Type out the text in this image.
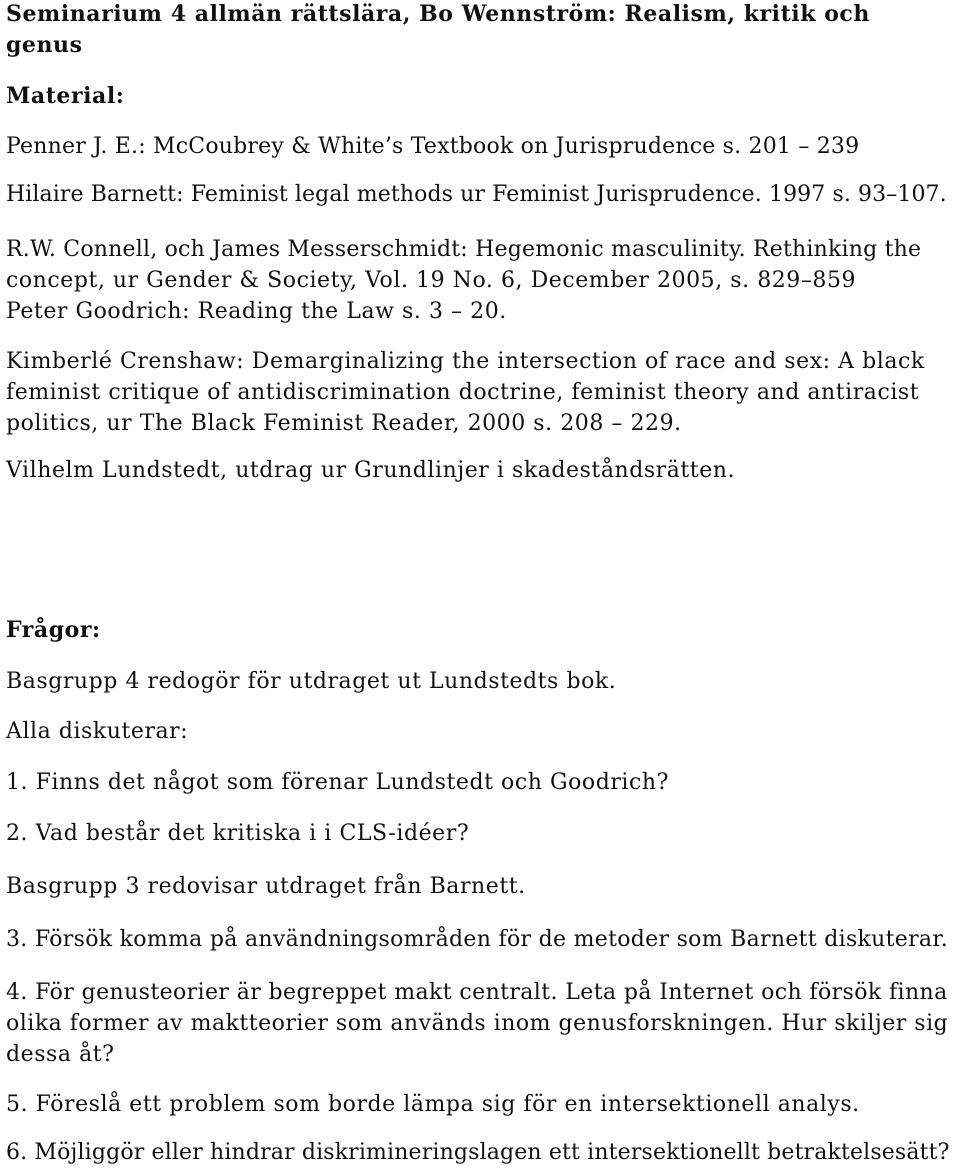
Seminarium 4 allmän rättslära, Bo Wennström: Realism, kritik och
genus
Material:
Penner J. E.: McCoubrey & White’s Textbook on Jurisprudence s. 201 – 239
Hilaire Barnett: Feminist legal methods ur Feminist Jurisprudence. 1997 s. 93–107.
R.W. Connell, och James Messerschmidt: Hegemonic masculinity. Rethinking the
concept, ur Gender & Society, Vol. 19 No. 6, December 2005, s. 829–859
Peter Goodrich: Reading the Law s. 3 – 20.
Kimberlé Crenshaw: Demarginalizing the intersection of race and sex: A black
feminist critique of antidiscrimination doctrine, feminist theory and antiracist
politics, ur The Black Feminist Reader, 2000 s. 208 – 229.
Vilhelm Lundstedt, utdrag ur Grundlinjer i skadeståndsrätten.
Frågor:
Basgrupp 4 redogör för utdraget ut Lundstedts bok.
Alla diskuterar:
1. Finns det något som förenar Lundstedt och Goodrich?
2. Vad består det kritiska i i CLS-idéer?
Basgrupp 3 redovisar utdraget från Barnett.
3. Försök komma på användningsområden för de metoder som Barnett diskuterar.
4. För genusteorier är begreppet makt centralt. Leta på Internet och försök finna
olika former av maktteorier som används inom genusforskningen. Hur skiljer sig
dessa åt?
5. Föreslå ett problem som borde lämpa sig för en intersektionell analys.
6. Möjliggör eller hindrar diskrimineringslagen ett intersektionellt betraktelsesätt?
